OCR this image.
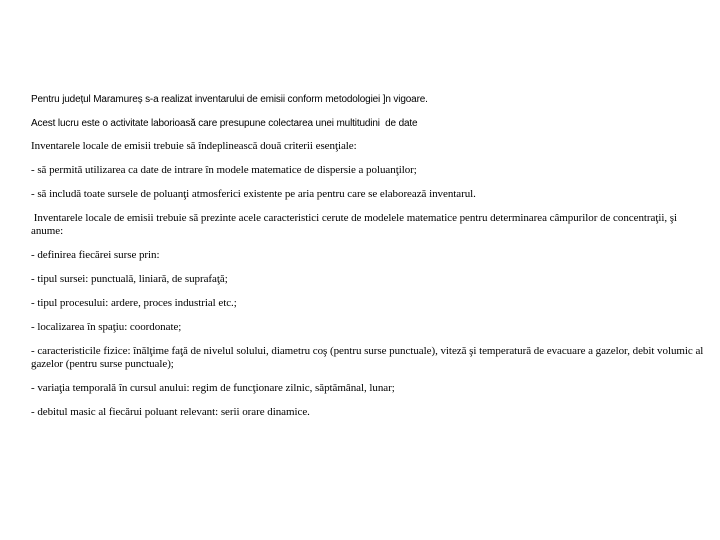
Pentru județul Maramureș s-a realizat inventarului de emisii conform metodologiei ]n vigoare.

Acest lucru este o activitate laborioasă care presupune colectarea unei multitudini  de date

Inventarele locale de emisii trebuie să îndeplinească două criterii esenţiale:

- să permită utilizarea ca date de intrare în modele matematice de dispersie a poluanţilor;

- să includă toate sursele de poluanţi atmosferici existente pe aria pentru care se elaborează inventarul.

Inventarele locale de emisii trebuie să prezinte acele caracteristici cerute de modelele matematice pentru determinarea câmpurilor de concentraţii, şi anume:

- definirea fiecărei surse prin:

- tipul sursei: punctuală, liniară, de suprafaţă;

- tipul procesului: ardere, proces industrial etc.;

- localizarea în spaţiu: coordonate;

- caracteristicile fizice: înălţime faţă de nivelul solului, diametru coş (pentru surse punctuale), viteză şi temperatură de evacuare a gazelor, debit volumic al gazelor (pentru surse punctuale);

- variaţia temporală în cursul anului: regim de funcţionare zilnic, săptămânal, lunar;

- debitul masic al fiecărui poluant relevant: serii orare dinamice.
